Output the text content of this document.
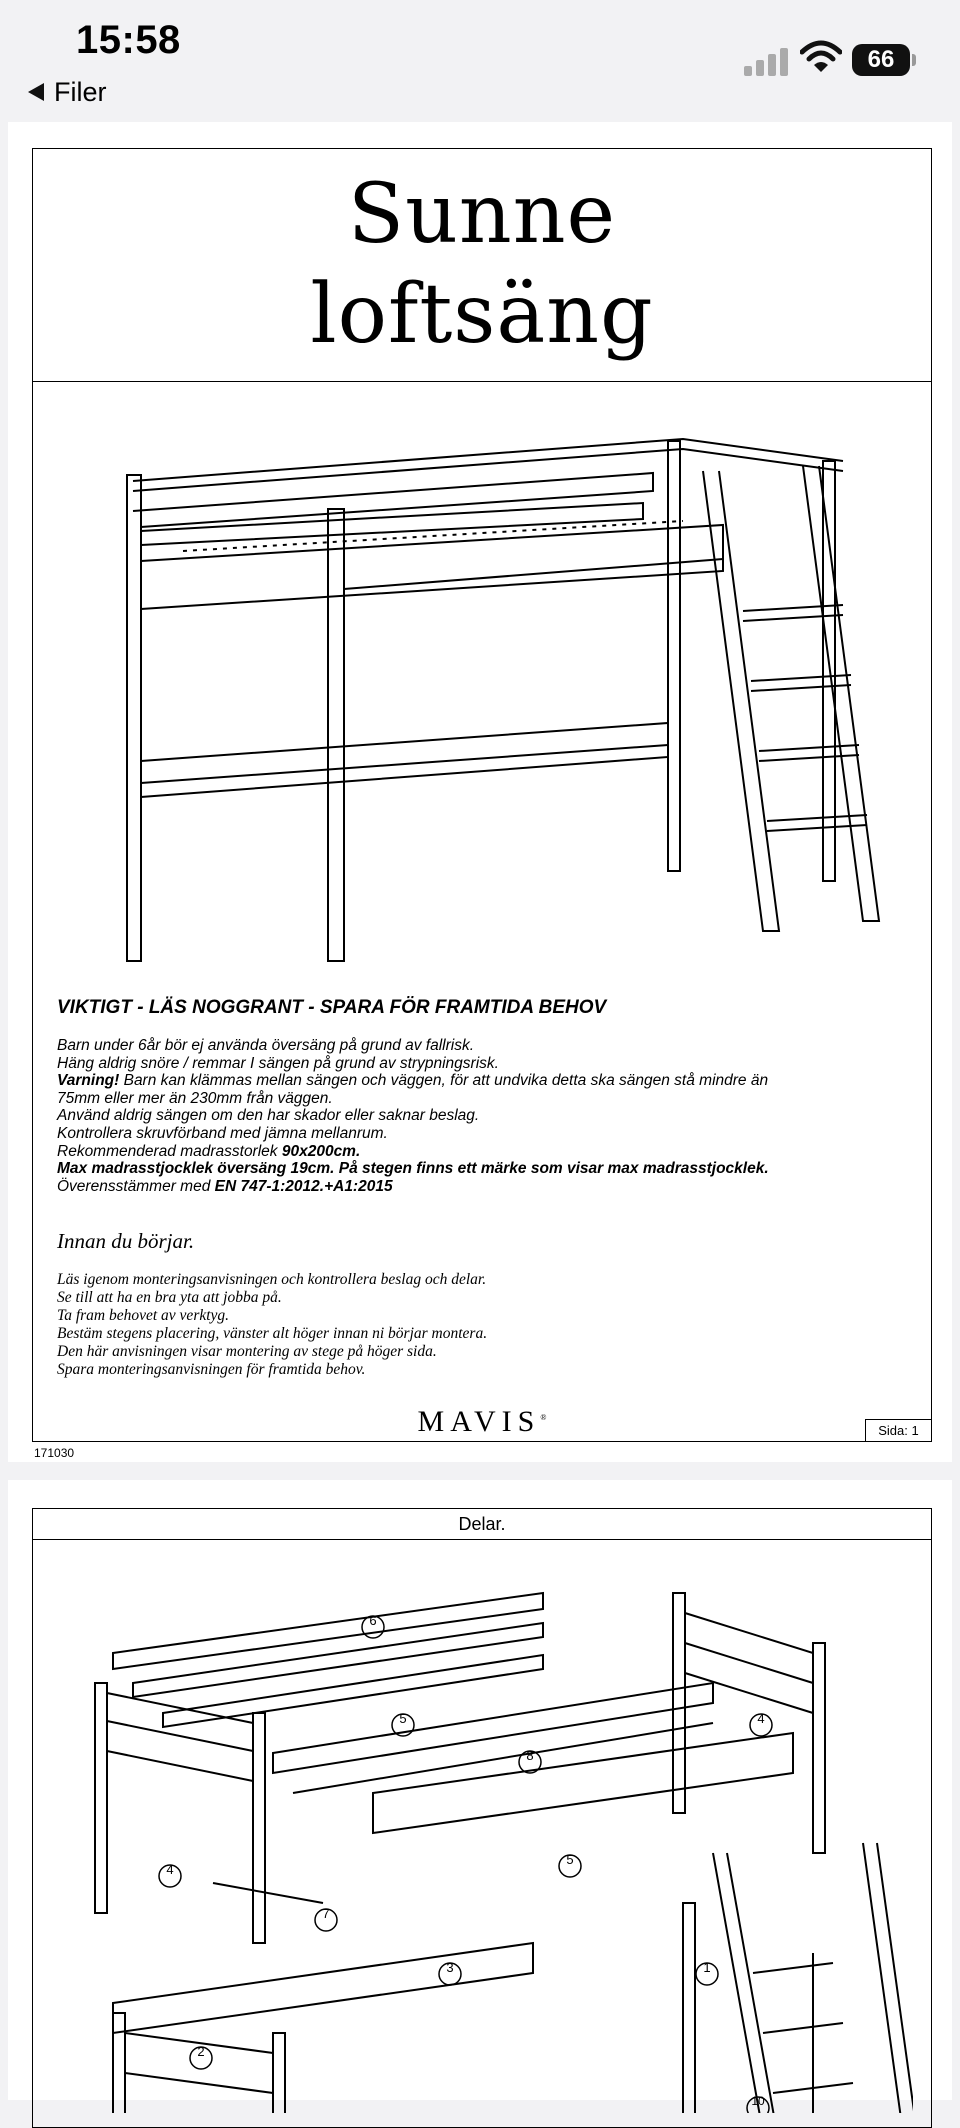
15:58	66
Filer
Sunne
loftsäng
VIKTIGT - LÄS NOGGRANT - SPARA FÖR FRAMTIDA BEHOV
Barn under 6år bör ej använda översäng på grund av fallrisk.
Häng aldrig snöre / remmar I sängen på grund av strypningsrisk.
Varning! Barn kan klämmas mellan sängen och väggen, för att undvika detta ska sängen stå mindre än
75mm eller mer än 230mm från väggen.
Använd aldrig sängen om den har skador eller saknar beslag.
Kontrollera skruvförband med jämna mellanrum.
Rekommenderad madrasstorlek 90x200cm.
Max madrasstjocklek översäng 19cm. På stegen finns ett märke som visar max madrasstjocklek.
Överensstämmer med EN 747-1:2012.+A1:2015
Innan du börjar.
Läs igenom monteringsanvisningen och kontrollera beslag och delar.
Se till att ha en bra yta att jobba på.
Ta fram behovet av verktyg.
Bestäm stegens placering, vänster alt höger innan ni börjar montera.
Den här anvisningen visar montering av stege på höger sida.
Spara monteringsanvisningen för framtida behov.
MAVIS®
Sida: 1
171030
Delar.
6
5	4
8
4
5
7
3	1
2
10
